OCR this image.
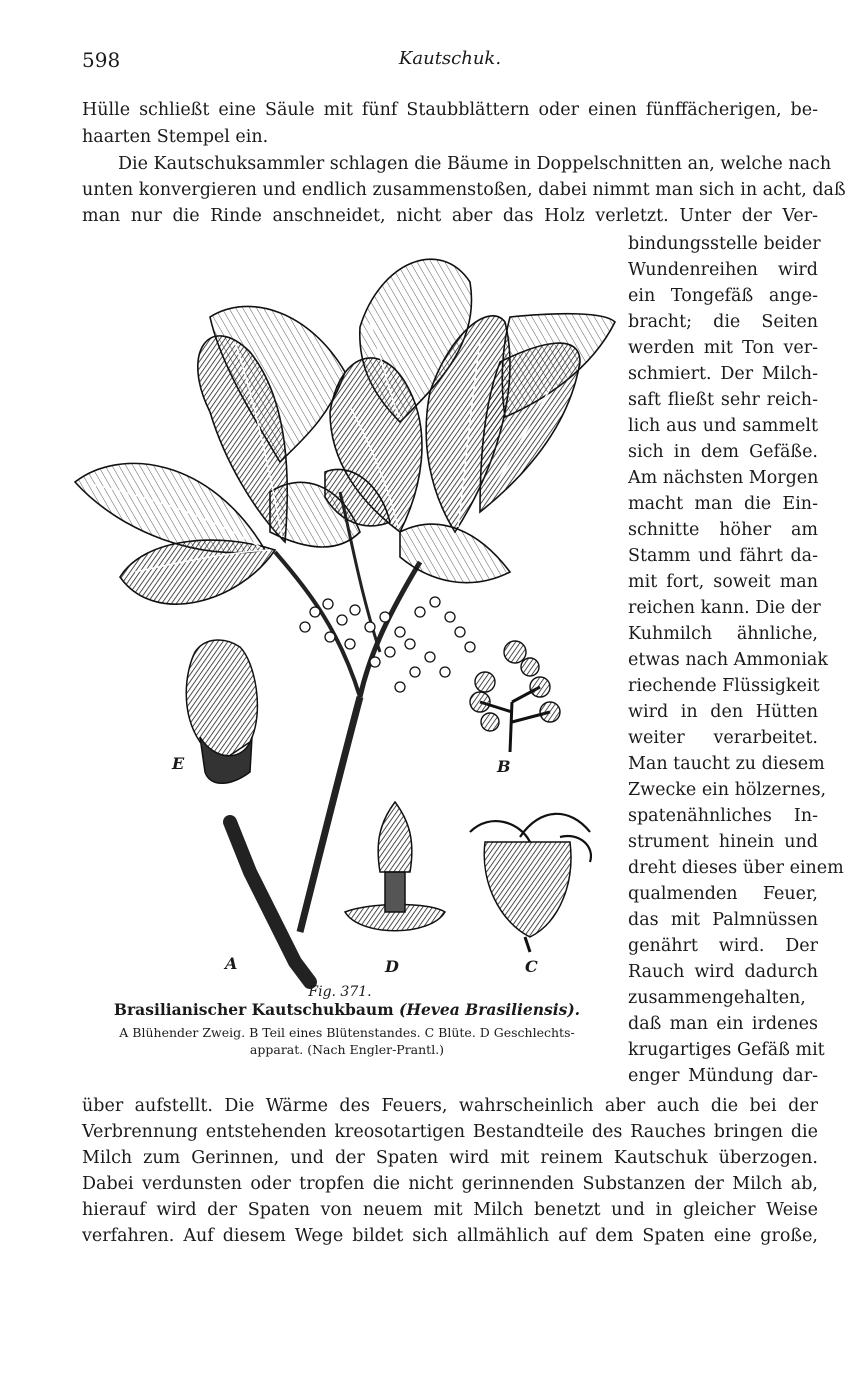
598	Kautschuk.
Hülle schließt eine Säule mit fünf Staubblättern oder einen fünffächerigen, be-
haarten Stempel ein.
Die Kautschuksammler schlagen die Bäume in Doppelschnitten an, welche nach
unten konvergieren und endlich zusammenstoßen, dabei nimmt man sich in acht, daß
man nur die Rinde anschneidet, nicht aber das Holz verletzt. Unter der Ver-
bindungsstelle beider
Wundenreihen wird
ein Tongefäß ange-
bracht; die Seiten
werden mit Ton ver-
schmiert. Der Milch-
saft fließt sehr reich-
lich aus und sammelt
sich in dem Gefäße.
Am nächsten Morgen
macht man die Ein-
schnitte höher am
Stamm und fährt da-
mit fort, soweit man
reichen kann. Die der
Kuhmilch ähnliche,
etwas nach Ammoniak
riechende Flüssigkeit
wird in den Hütten
weiter verarbeitet.
Man taucht zu diesem
Zwecke ein hölzernes,
spatenähnliches In-
strument hinein und
dreht dieses über einem
qualmenden Feuer,
das mit Palmnüssen
genährt wird. Der
Rauch wird dadurch
zusammengehalten,
daß man ein irdenes
krugartiges Gefäß mit
enger Mündung dar-
E	B
A	D	C
Fig. 371.
Brasilianischer Kautschukbaum (Hevea Brasiliensis).
A Blühender Zweig. B Teil eines Blütenstandes. C Blüte. D Geschlechts-
apparat. (Nach Engler-Prantl.)
über aufstellt. Die Wärme des Feuers, wahrscheinlich aber auch die bei der
Verbrennung entstehenden kreosotartigen Bestandteile des Rauches bringen die
Milch zum Gerinnen, und der Spaten wird mit reinem Kautschuk überzogen.
Dabei verdunsten oder tropfen die nicht gerinnenden Substanzen der Milch ab,
hierauf wird der Spaten von neuem mit Milch benetzt und in gleicher Weise
verfahren. Auf diesem Wege bildet sich allmählich auf dem Spaten eine große,
